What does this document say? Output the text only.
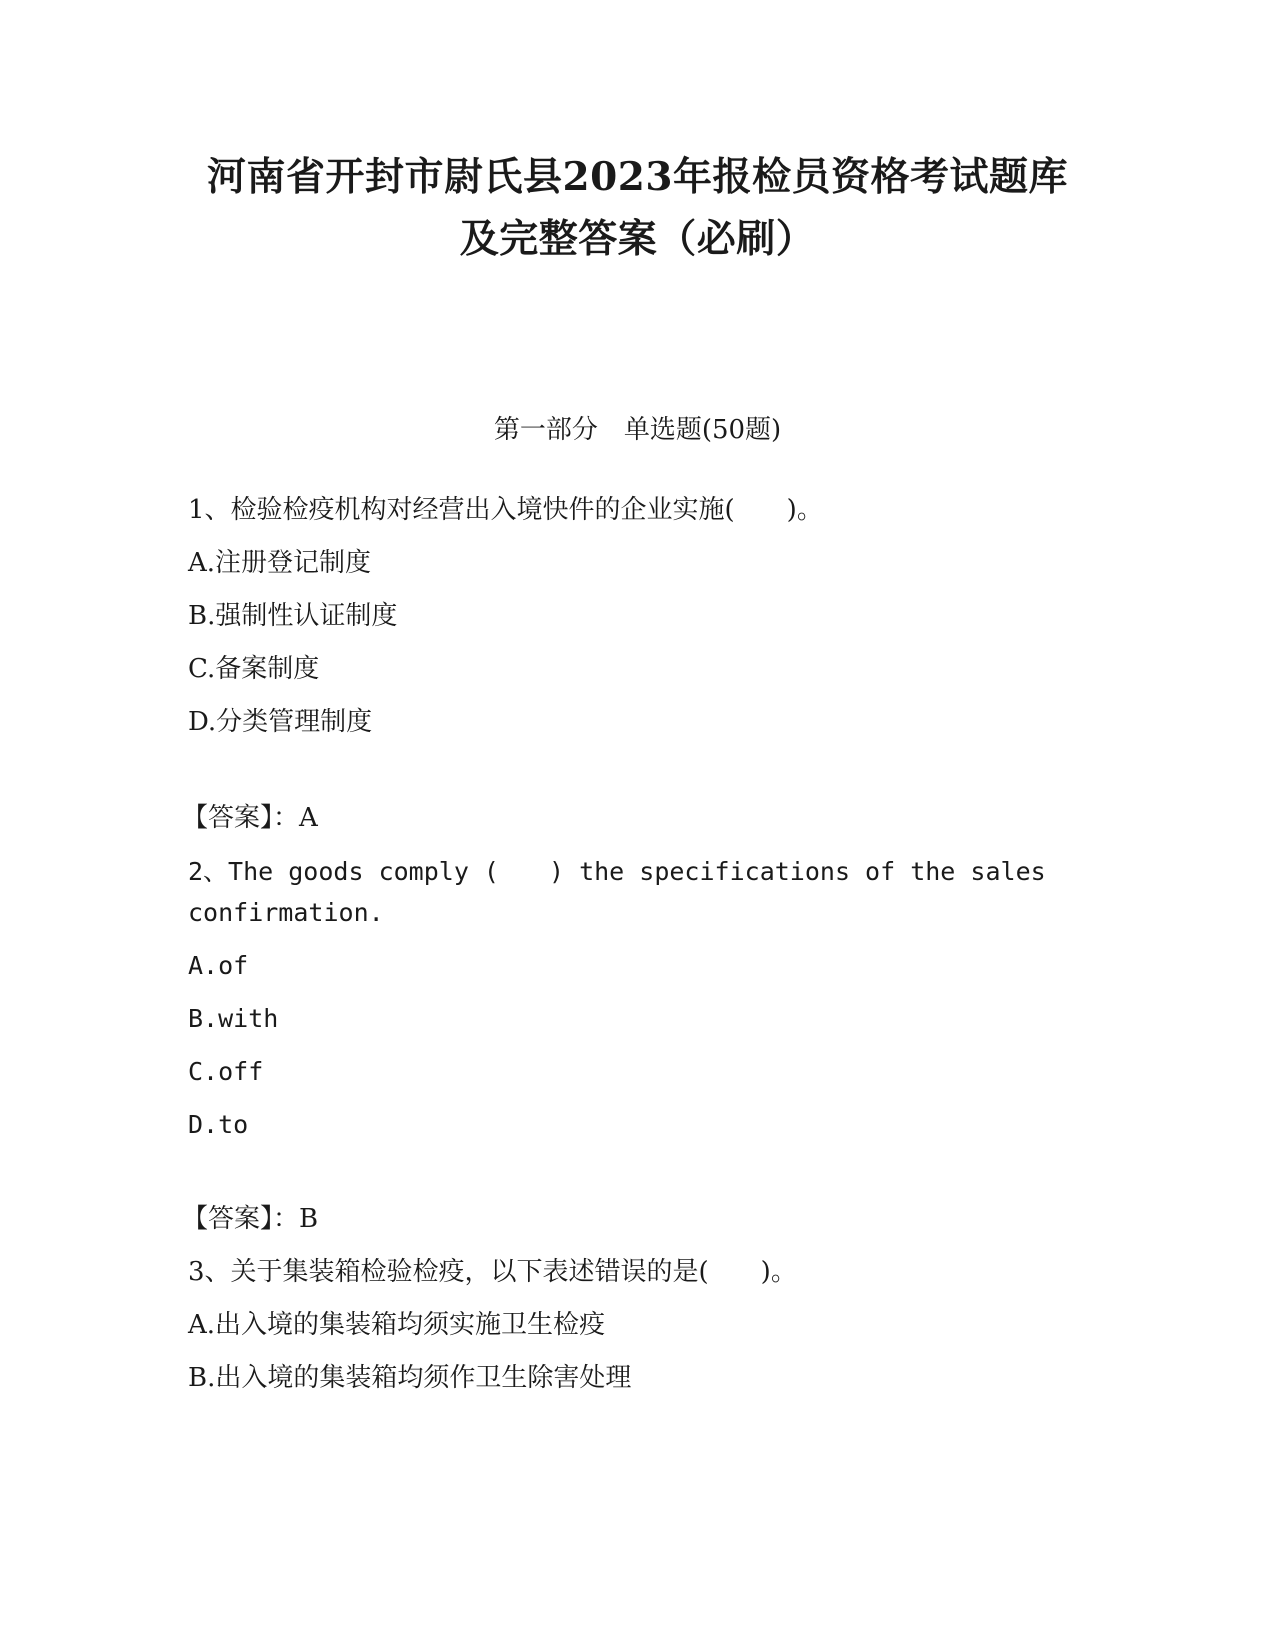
河南省开封市尉氏县2023年报检员资格考试题库
及完整答案（必刷）
第一部分　单选题(50题)
1、检验检疫机构对经营出入境快件的企业实施(　　)。
A.注册登记制度
B.强制性认证制度
C.备案制度
D.分类管理制度
【答案】：A
2、The goods comply (　　) the specifications of the sales
confirmation.
A.of
B.with
C.off
D.to
【答案】：B
3、关于集装箱检验检疫，以下表述错误的是(　　)。
A.出入境的集装箱均须实施卫生检疫
B.出入境的集装箱均须作卫生除害处理
